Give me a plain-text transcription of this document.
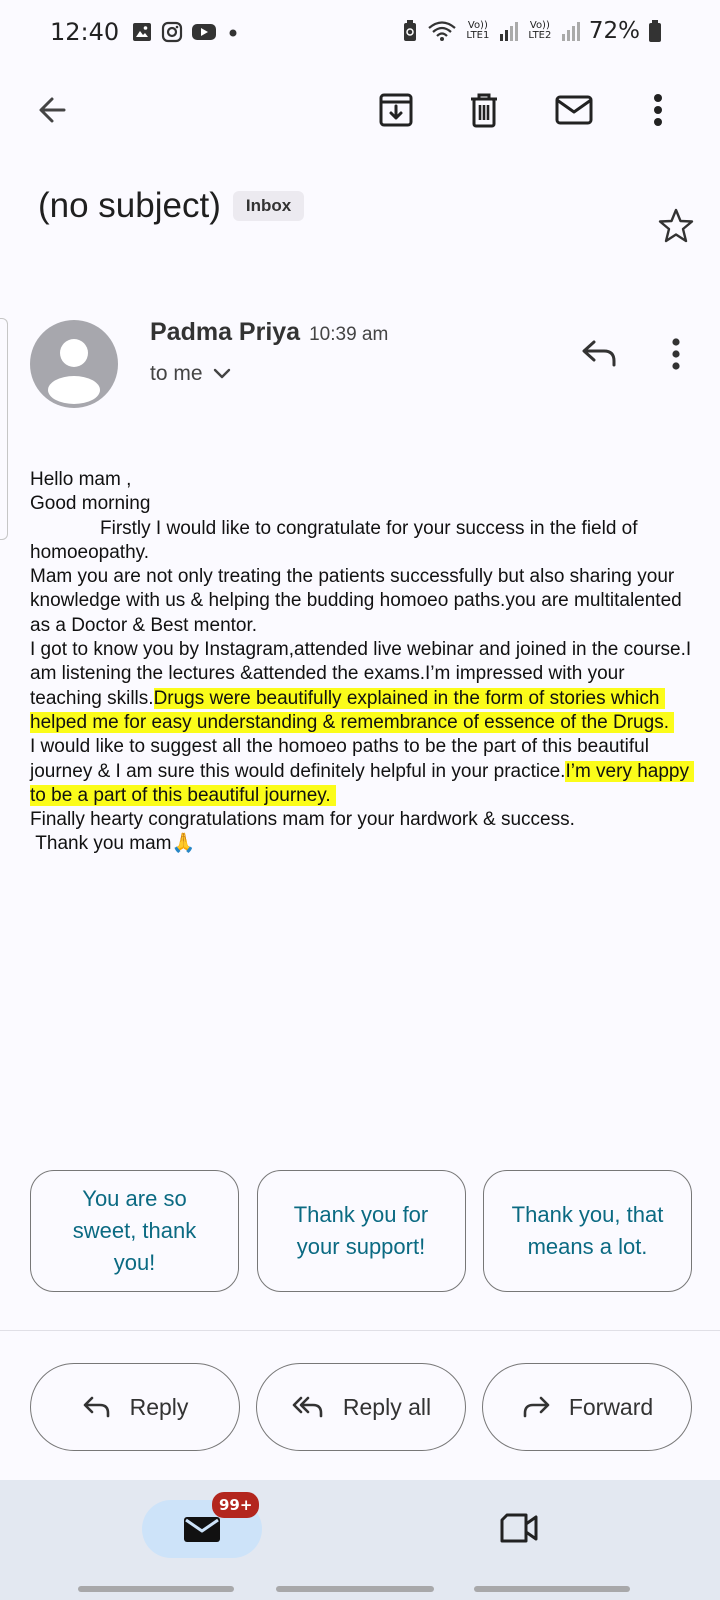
12:40	Vo)) LTE1
Vo)) LTE2 72%
(no subject)	Inbox
Padma Priya 10:39 am
to me

Hello mam ,

Good morning

Firstly I would like to congratulate for your success in the field of homoeopathy.

Mam you are not only treating the patients successfully but also sharing your knowledge with us & helping the budding homoeo paths.you are multitalented as a Doctor & Best mentor.

I got to know you by Instagram,attended live webinar and joined in the course.I am listening the lectures &attended the exams.I’m impressed with your teaching skills.Drugs were beautifully explained in the form of stories which helped me for easy understanding & remembrance of essence of the Drugs.

I would like to suggest all the homoeo paths to be the part of this beautiful journey & I am sure this would definitely helpful in your practice.I’m very happy to be a part of this beautiful journey.

Finally hearty congratulations mam for your hardwork & success.

Thank you mam🙏

You are so sweet, thank you!
Thank you for your support!
Thank you, that means a lot.
Reply	Reply all	Forward
99+
